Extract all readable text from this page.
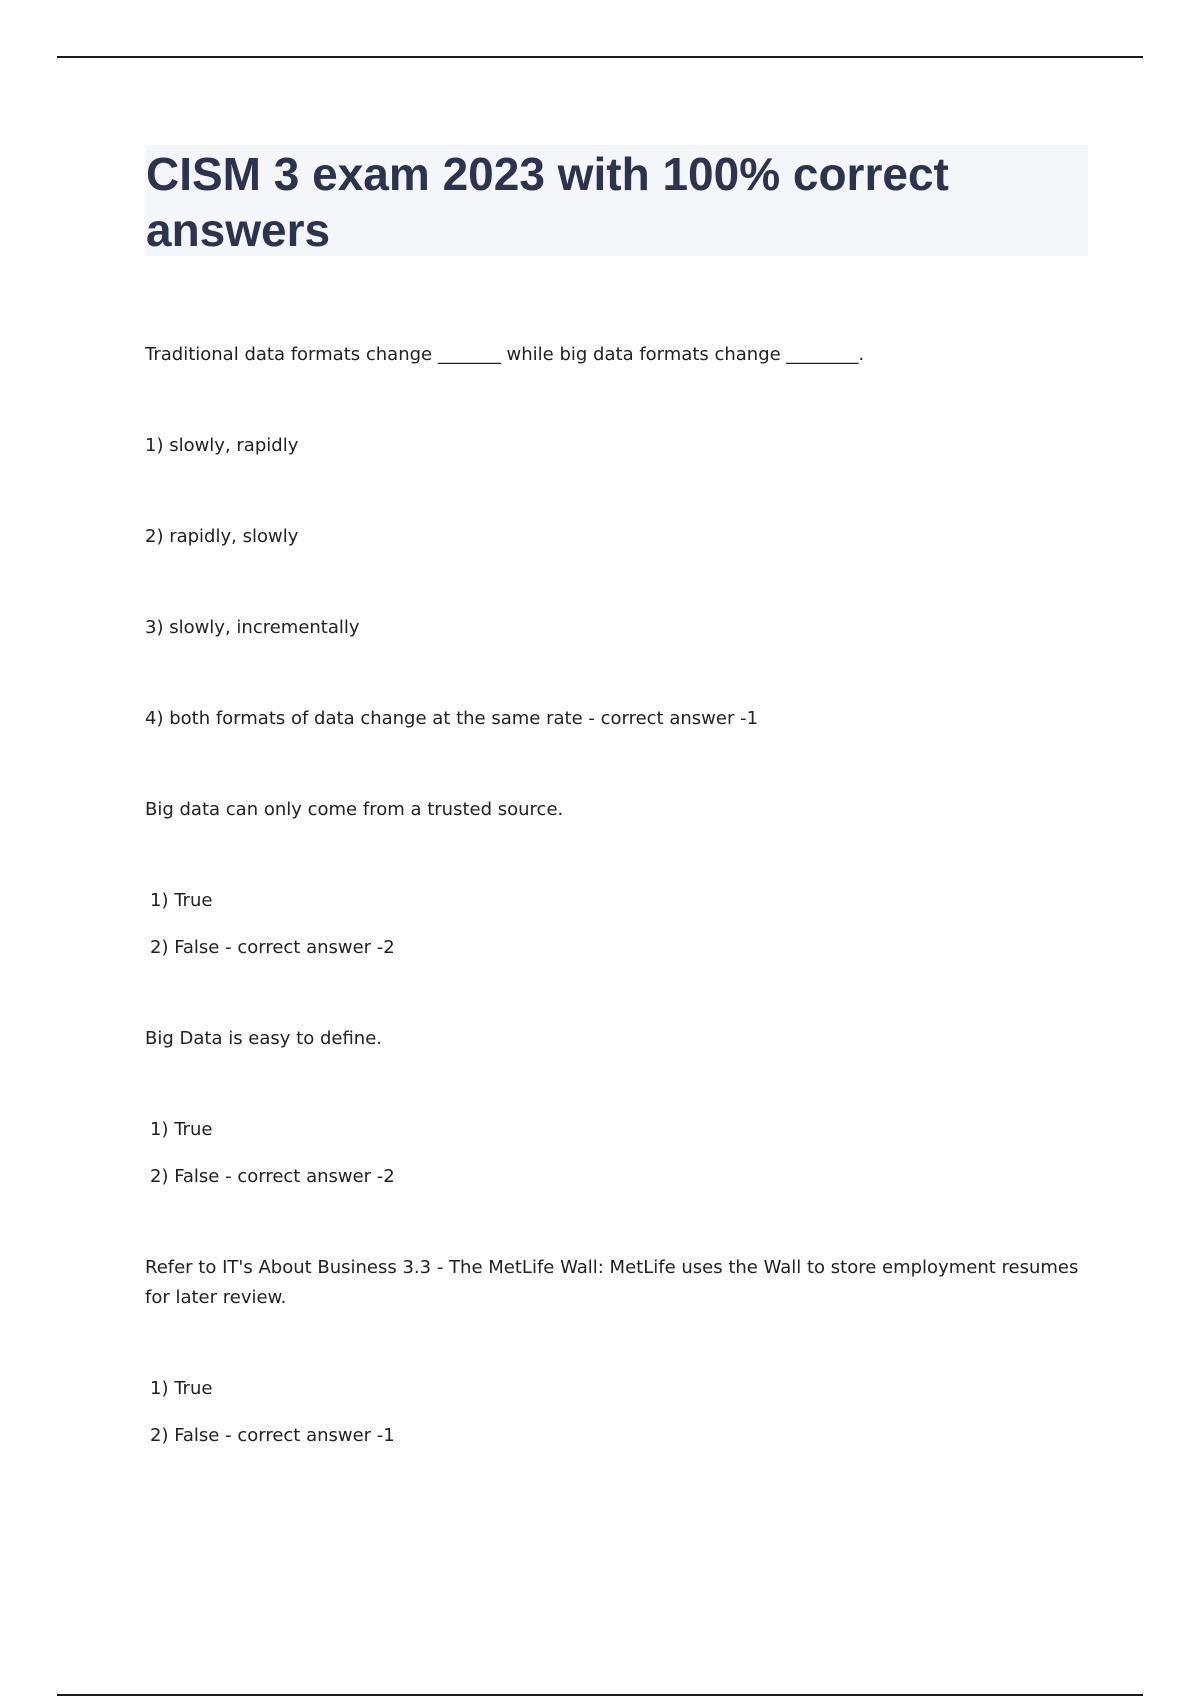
CISM 3 exam 2023 with 100% correct answers

Traditional data formats change _______ while big data formats change ________.

1) slowly, rapidly

2) rapidly, slowly

3) slowly, incrementally

4) both formats of data change at the same rate - correct answer -1

Big data can only come from a trusted source.

1) True

2) False - correct answer -2

Big Data is easy to define.

1) True

2) False - correct answer -2

Refer to IT's About Business 3.3 - The MetLife Wall: MetLife uses the Wall to store employment resumes for later review.

1) True

2) False - correct answer -1
